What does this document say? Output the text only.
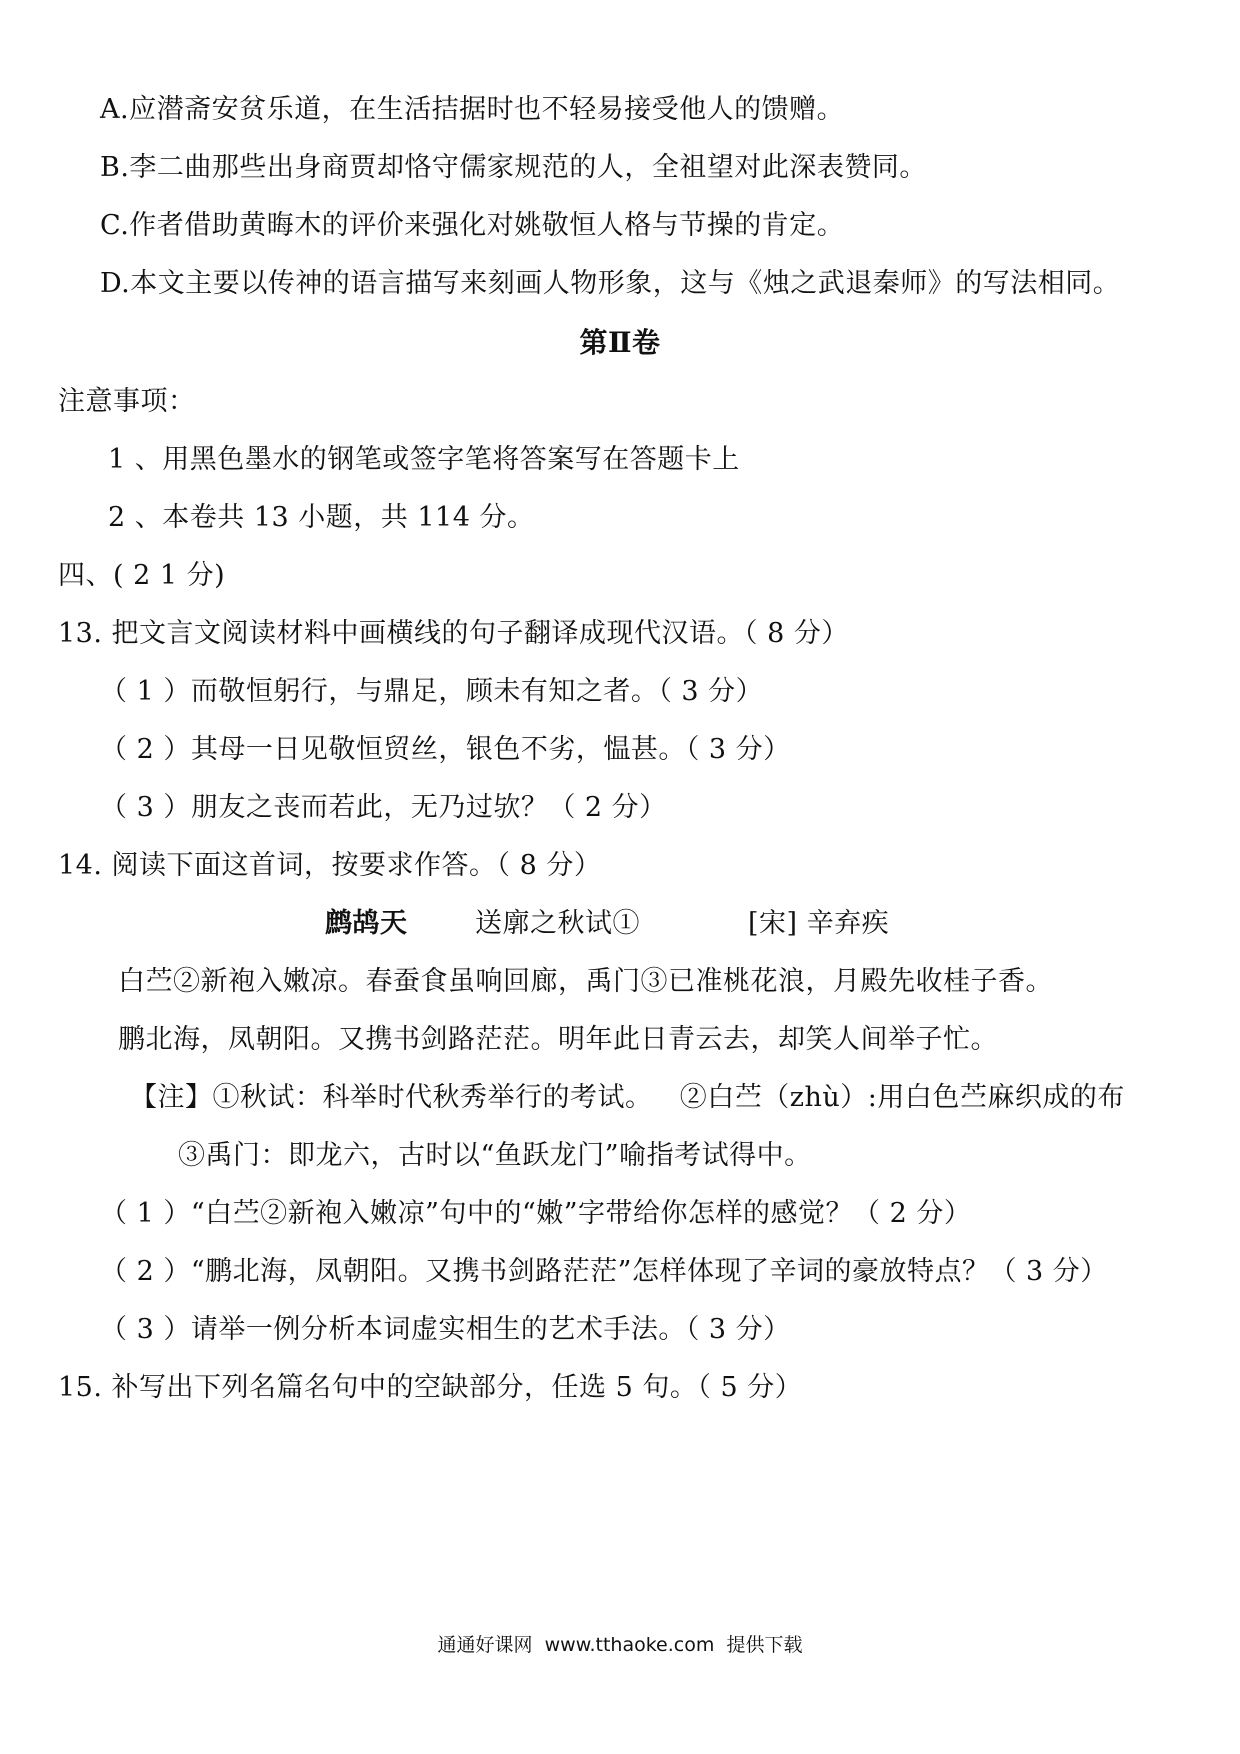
A.应潜斋安贫乐道，在生活拮据时也不轻易接受他人的馈赠。
B.李二曲那些出身商贾却恪守儒家规范的人，全祖望对此深表赞同。
C.作者借助黄晦木的评价来强化对姚敬恒人格与节操的肯定。
D.本文主要以传神的语言描写来刻画人物形象，这与《烛之武退秦师》的写法相同。
第Ⅱ卷
注意事项：
1 、用黑色墨水的钢笔或签字笔将答案写在答题卡上
2 、本卷共 13 小题，共 114 分。
四、( 2 1 分)
13. 把文言文阅读材料中画横线的句子翻译成现代汉语。（ 8 分）
（ 1 ）而敬恒躬行，与鼎足，顾未有知之者。（ 3 分）
（ 2 ）其母一日见敬恒贸丝，银色不劣，愠甚。（ 3 分）
（ 3 ）朋友之丧而若此，无乃过欤？（ 2 分）
14. 阅读下面这首词，按要求作答。（ 8 分）
鹧鸪天	送廓之秋试①	[宋] 辛弃疾
白苎②新袍入嫩凉。春蚕食虽响回廊，禹门③已准桃花浪，月殿先收桂子香。
鹏北海，凤朝阳。又携书剑路茫茫。明年此日青云去，却笑人间举子忙。
【注】①秋试：科举时代秋秀举行的考试。   ②白苎（zhù）:用白色苎麻织成的布
③禹门：即龙六，古时以“鱼跃龙门”喻指考试得中。
（ 1 ）“白苎②新袍入嫩凉”句中的“嫩”字带给你怎样的感觉？（ 2 分）
（ 2 ）“鹏北海，凤朝阳。又携书剑路茫茫”怎样体现了辛词的豪放特点？（ 3 分）
（ 3 ）请举一例分析本词虚实相生的艺术手法。（ 3 分）
15. 补写出下列名篇名句中的空缺部分，任选 5 句。（ 5 分）
通通好课网  www.tthaoke.com  提供下载
